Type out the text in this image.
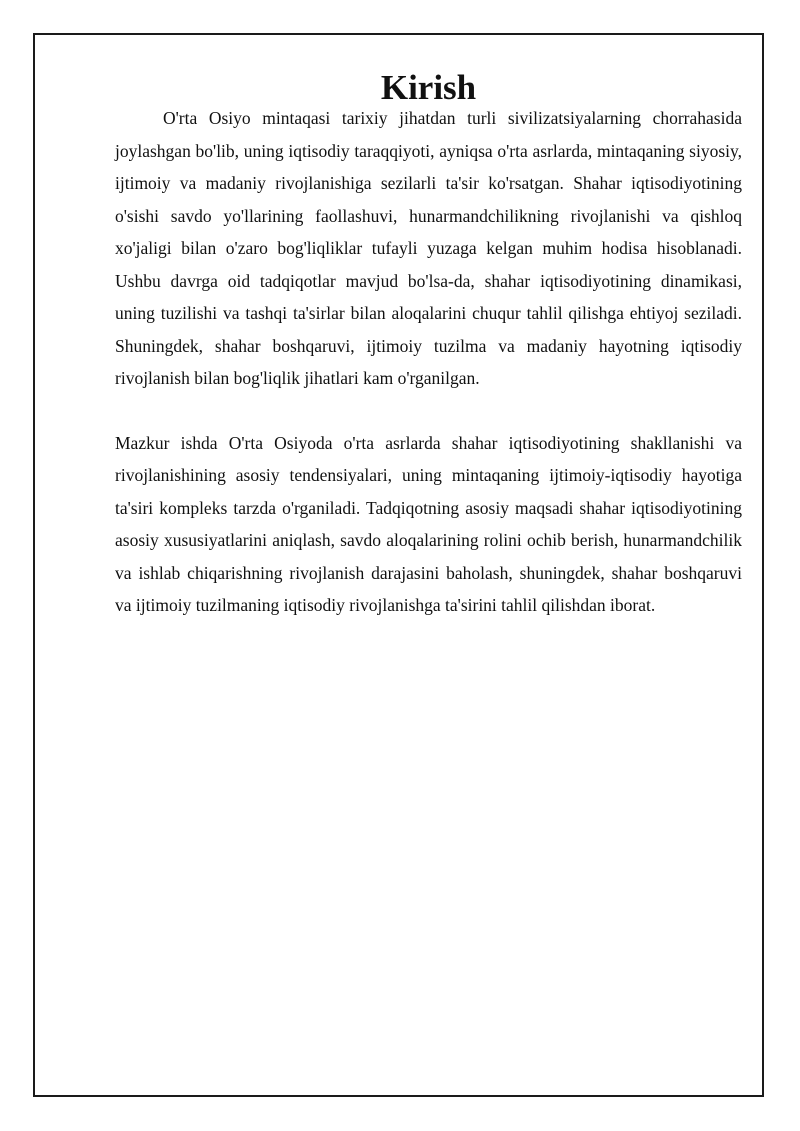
Kirish

O'rta Osiyo mintaqasi tarixiy jihatdan turli sivilizatsiyalarning chorrahasida joylashgan bo'lib, uning iqtisodiy taraqqiyoti, ayniqsa o'rta asrlarda, mintaqaning siyosiy, ijtimoiy va madaniy rivojlanishiga sezilarli ta'sir ko'rsatgan. Shahar iqtisodiyotining o'sishi savdo yo'llarining faollashuvi, hunarmandchilikning rivojlanishi va qishloq xo'jaligi bilan o'zaro bog'liqliklar tufayli yuzaga kelgan muhim hodisa hisoblanadi. Ushbu davrga oid tadqiqotlar mavjud bo'lsa-da, shahar iqtisodiyotining dinamikasi, uning tuzilishi va tashqi ta'sirlar bilan aloqalarini chuqur tahlil qilishga ehtiyoj seziladi. Shuningdek, shahar boshqaruvi, ijtimoiy tuzilma va madaniy hayotning iqtisodiy rivojlanish bilan bog'liqlik jihatlari kam o'rganilgan.

Mazkur ishda O'rta Osiyoda o'rta asrlarda shahar iqtisodiyotining shakllanishi va rivojlanishining asosiy tendensiyalari, uning mintaqaning ijtimoiy-iqtisodiy hayotiga ta'siri kompleks tarzda o'rganiladi. Tadqiqotning asosiy maqsadi shahar iqtisodiyotining asosiy xususiyatlarini aniqlash, savdo aloqalarining rolini ochib berish, hunarmandchilik va ishlab chiqarishning rivojlanish darajasini baholash, shuningdek, shahar boshqaruvi va ijtimoiy tuzilmaning iqtisodiy rivojlanishga ta'sirini tahlil qilishdan iborat.
